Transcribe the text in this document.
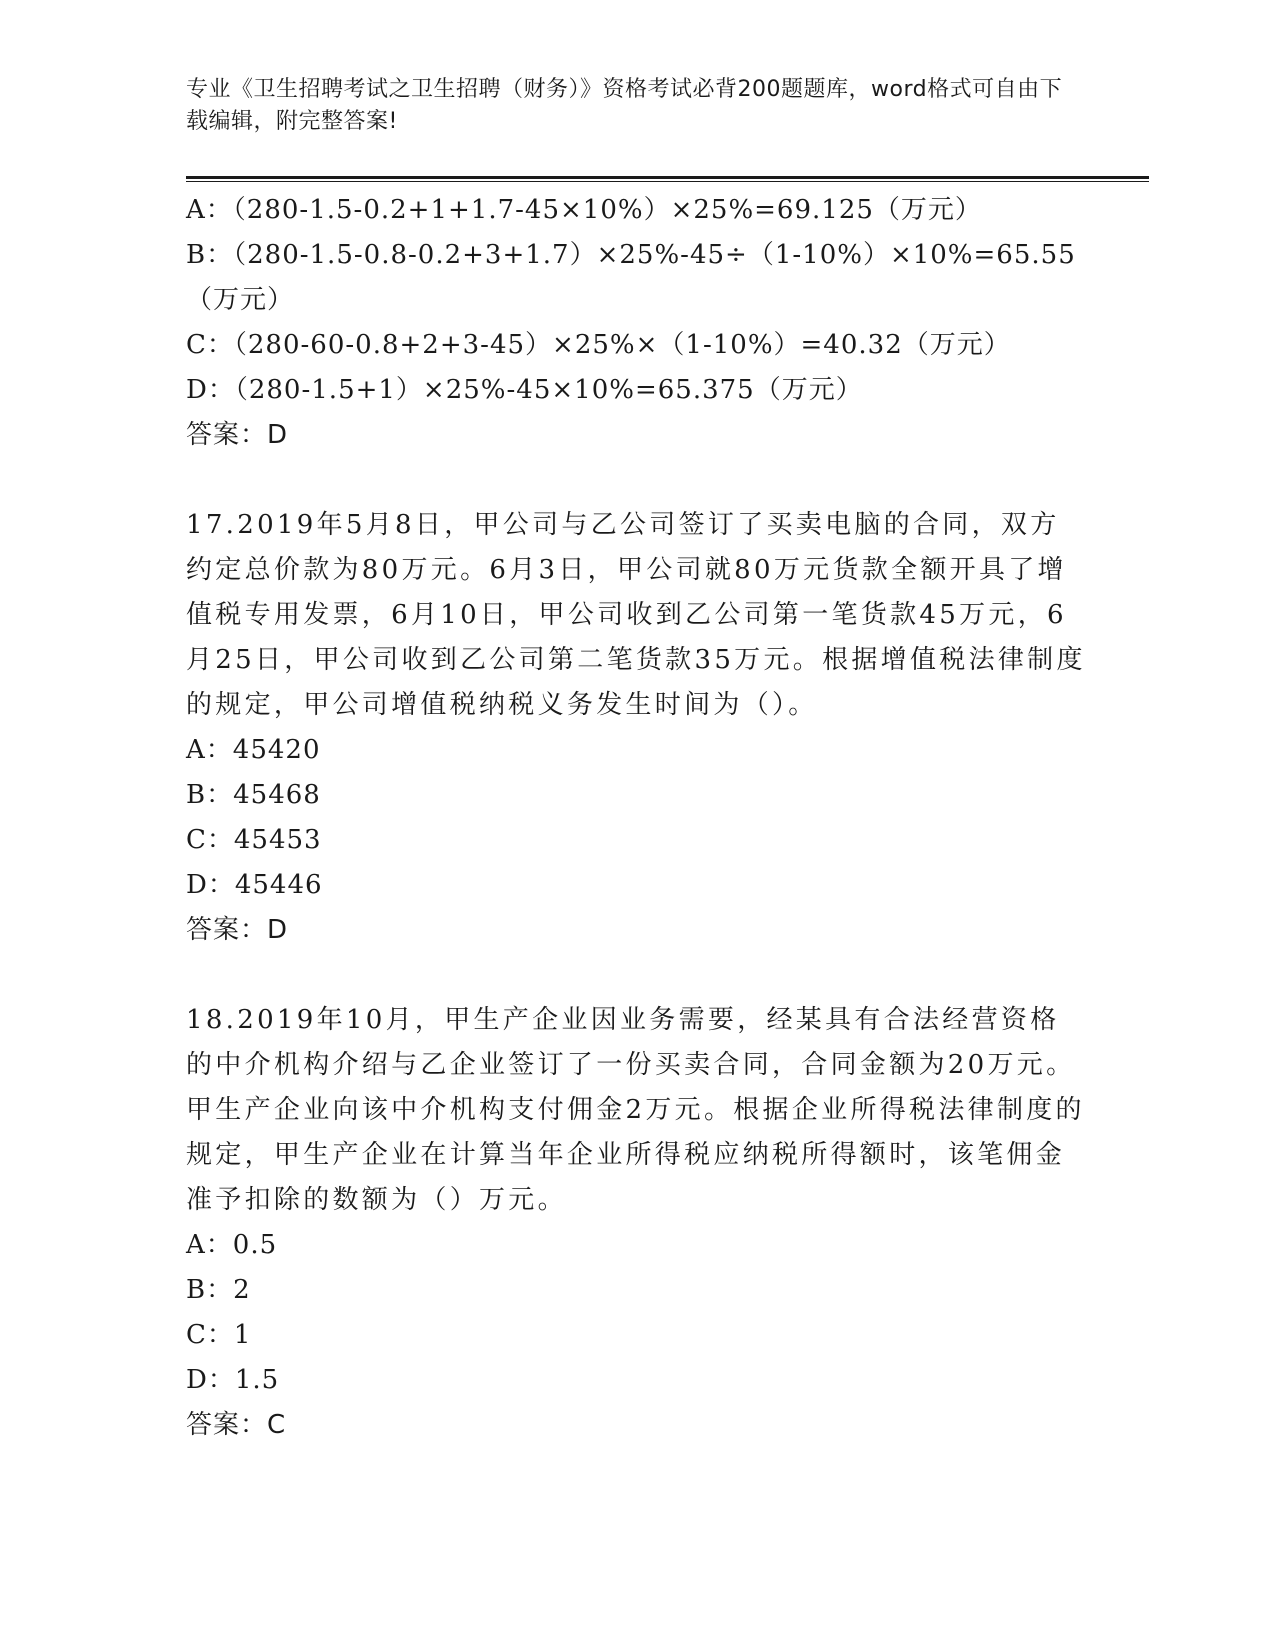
专业《卫生招聘考试之卫生招聘（财务）》资格考试必背200题题库，word格式可自由下载编辑，附完整答案!
A：（280-1.5-0.2+1+1.7-45×10%）×25%=69.125（万元）
B：（280-1.5-0.8-0.2+3+1.7）×25%-45÷（1-10%）×10%=65.55（万元）
C：（280-60-0.8+2+3-45）×25%×（1-10%）=40.32（万元）
D：（280-1.5+1）×25%-45×10%=65.375（万元）
答案：D
17.2019年5月8日，甲公司与乙公司签订了买卖电脑的合同，双方约定总价款为80万元。6月3日，甲公司就80万元货款全额开具了增值税专用发票，6月10日，甲公司收到乙公司第一笔货款45万元，6月25日，甲公司收到乙公司第二笔货款35万元。根据增值税法律制度的规定，甲公司增值税纳税义务发生时间为（）。
A：45420
B：45468
C：45453
D：45446
答案：D
18.2019年10月，甲生产企业因业务需要，经某具有合法经营资格的中介机构介绍与乙企业签订了一份买卖合同，合同金额为20万元。甲生产企业向该中介机构支付佣金2万元。根据企业所得税法律制度的规定，甲生产企业在计算当年企业所得税应纳税所得额时，该笔佣金准予扣除的数额为（）万元。
A：0.5
B：2
C：1
D：1.5
答案：C
